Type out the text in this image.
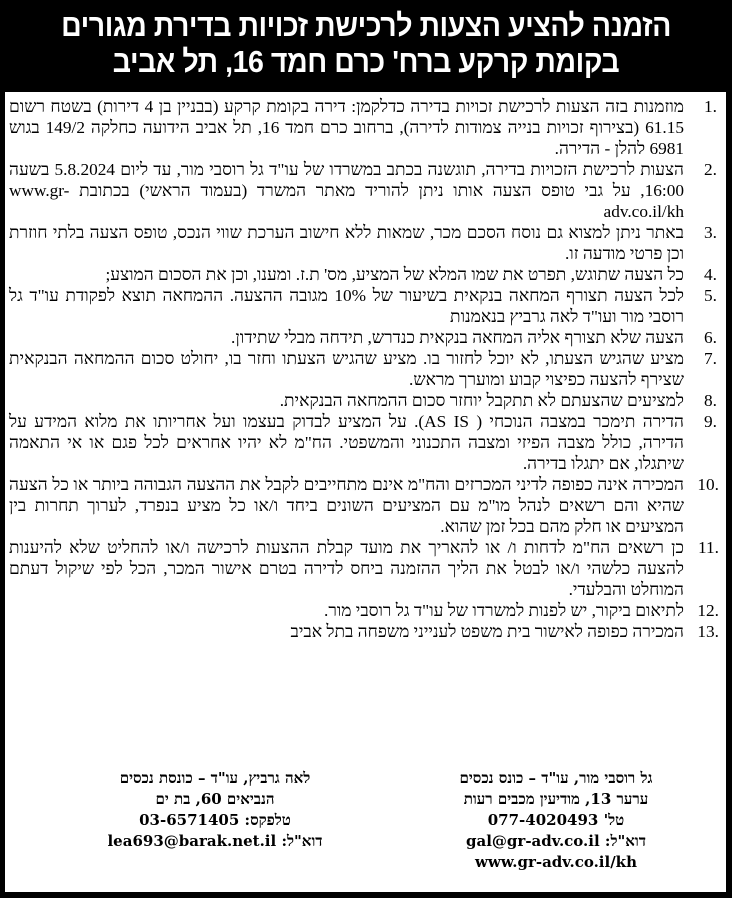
הזמנה להציע הצעות לרכישת זכויות בדירת מגורים
בקומת קרקע ברח' כרם חמד 16, תל אביב
1.
מוזמנות בזה הצעות לרכישת זכויות בדירה כדלקמן: דירה בקומת קרקע (בבניין בן 4 דירות) בשטח רשום 61.15 (בצירוף זכויות בנייה צמודות לדירה), ברחוב כרם חמד 16, תל אביב הידועה כחלקה 149/2 בגוש 6981 להלן - הדירה.
2.
הצעות לרכישת הזכויות בדירה, תוגשנה בכתב במשרדו של עו"ד גל רוסבי מור, עד ליום 5.8.2024 בשעה 16:00, על גבי טופס הצעה אותו ניתן להוריד מאתר המשרד (בעמוד הראשי) בכתובת www.gr-adv.co.il/kh
3.
באתר ניתן למצוא גם נוסח הסכם מכר, שמאות ללא חישוב הערכת שווי הנכס, טופס הצעה בלתי חוזרת וכן פרטי מודעה זו.
4.
כל הצעה שתוגש, תפרט את שמו המלא של המציע, מס' ת.ז. ומענו, וכן את הסכום המוצע;
5.
לכל הצעה תצורף המחאה בנקאית בשיעור של 10% מגובה ההצעה. ההמחאה תוצא לפקודת עו"ד גל רוסבי מור ועו"ד לאה גרביץ בנאמנות
6.
הצעה שלא תצורף אליה המחאה בנקאית כנדרש, תידחה מבלי שתידון.
7.
מציע שהגיש הצעתו, לא יוכל לחזור בו. מציע שהגיש הצעתו וחזר בו, יחולט סכום ההמחאה הבנקאית שצירף להצעה כפיצוי קבוע ומוערך מראש.
8.
למציעים שהצעתם לא תתקבל יוחזר סכום ההמחאה הבנקאית.
9.
הדירה תימכר במצבה הנוכחי ( AS IS). על המציע לבדוק בעצמו ועל אחריותו את מלוא המידע על הדירה, כולל מצבה הפיזי ומצבה התכנוני והמשפטי. הח"מ לא יהיו אחראים לכל פגם או אי התאמה שיתגלו, אם יתגלו בדירה.
10.
המכירה אינה כפופה לדיני המכרזים והח"מ אינם מתחייבים לקבל את ההצעה הגבוהה ביותר או כל הצעה שהיא והם רשאים לנהל מו"מ עם המציעים השונים ביחד ו/או כל מציע בנפרד, לערוך תחרות בין המציעים או חלק מהם בכל זמן שהוא.
11.
כן רשאים הח"מ לדחות ו/ או להאריך את מועד קבלת ההצעות לרכישה ו/או להחליט שלא להיענות להצעה כלשהי ו/או לבטל את הליך ההזמנה ביחס לדירה בטרם אישור המכר, הכל לפי שיקול דעתם המוחלט והבלעדי.
12.
לתיאום ביקור, יש לפנות למשרדו של עו"ד גל רוסבי מור.
13.
המכירה כפופה לאישור בית משפט לענייני משפחה בתל אביב
גל רוסבי מור, עו"ד – כונס נכסים
ערער 13, מודיעין מכבים רעות
טל' 077-4020493
דוא"ל: gal@gr-adv.co.il
www.gr-adv.co.il/kh
לאה גרביץ, עו"ד – כונסת נכסים
הנביאים 60, בת ים
טלפקס: 03-6571405
דוא"ל: lea693@barak.net.il
